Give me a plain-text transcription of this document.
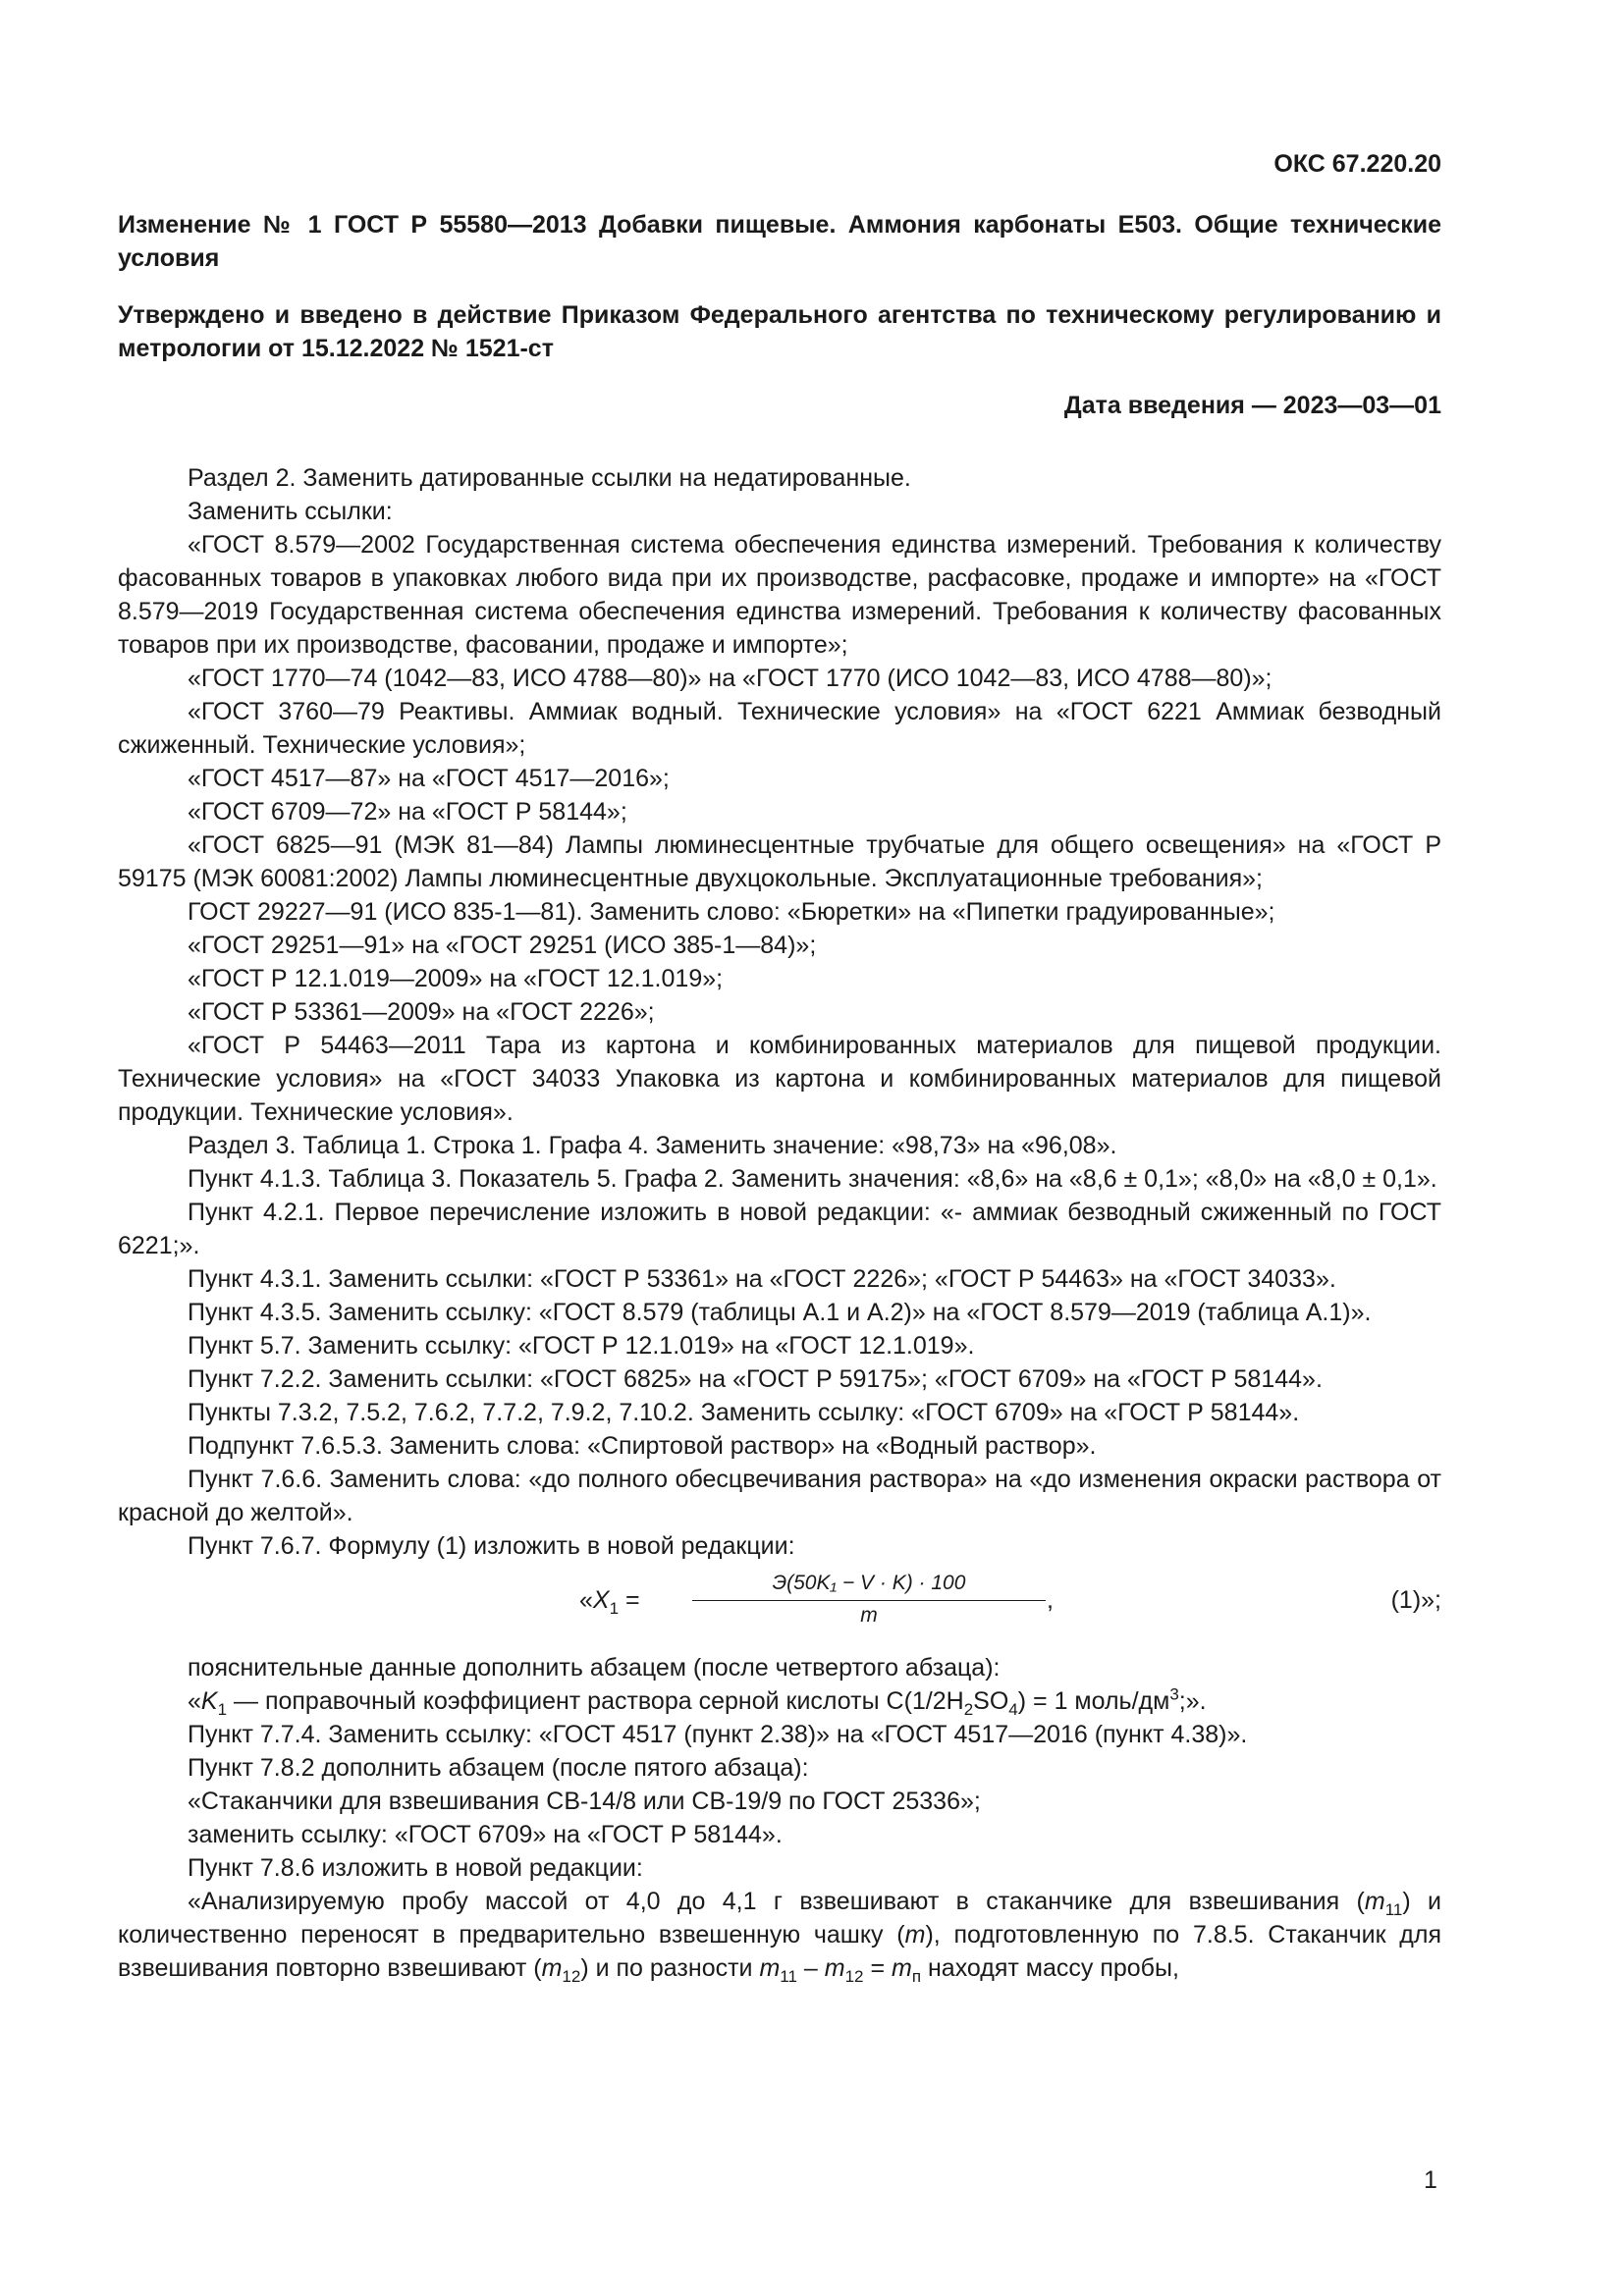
ОКС 67.220.20
Изменение № 1 ГОСТ Р 55580—2013 Добавки пищевые. Аммония карбонаты Е503. Общие технические условия
Утверждено и введено в действие Приказом Федерального агентства по техническому регулированию и метрологии от 15.12.2022 № 1521-ст
Дата введения — 2023—03—01

Раздел 2. Заменить датированные ссылки на недатированные.

Заменить ссылки:

«ГОСТ 8.579—2002 Государственная система обеспечения единства измерений. Требования к количеству фасованных товаров в упаковках любого вида при их производстве, расфасовке, продаже и импорте» на «ГОСТ 8.579—2019 Государственная система обеспечения единства измерений. Требования к количеству фасованных товаров при их производстве, фасовании, продаже и импорте»;

«ГОСТ 1770—74 (1042—83, ИСО 4788—80)» на «ГОСТ 1770 (ИСО 1042—83, ИСО 4788—80)»;

«ГОСТ 3760—79 Реактивы. Аммиак водный. Технические условия» на «ГОСТ 6221 Аммиак безводный сжиженный. Технические условия»;

«ГОСТ 4517—87» на «ГОСТ 4517—2016»;

«ГОСТ 6709—72» на «ГОСТ Р 58144»;

«ГОСТ 6825—91 (МЭК 81—84) Лампы люминесцентные трубчатые для общего освещения» на «ГОСТ Р 59175 (МЭК 60081:2002) Лампы люминесцентные двухцокольные. Эксплуатационные требования»;

ГОСТ 29227—91 (ИСО 835-1—81). Заменить слово: «Бюретки» на «Пипетки градуированные»;

«ГОСТ 29251—91» на «ГОСТ 29251 (ИСО 385-1—84)»;

«ГОСТ Р 12.1.019—2009» на «ГОСТ 12.1.019»;

«ГОСТ Р 53361—2009» на «ГОСТ 2226»;

«ГОСТ Р 54463—2011 Тара из картона и комбинированных материалов для пищевой продукции. Технические условия» на «ГОСТ 34033 Упаковка из картона и комбинированных материалов для пищевой продукции. Технические условия».

Раздел 3. Таблица 1. Строка 1. Графа 4. Заменить значение: «98,73» на «96,08».

Пункт 4.1.3. Таблица 3. Показатель 5. Графа 2. Заменить значения: «8,6» на «8,6 ± 0,1»; «8,0» на «8,0 ± 0,1».

Пункт 4.2.1. Первое перечисление изложить в новой редакции: «- аммиак безводный сжиженный по ГОСТ 6221;».

Пункт 4.3.1. Заменить ссылки: «ГОСТ Р 53361» на «ГОСТ 2226»; «ГОСТ Р 54463» на «ГОСТ 34033».

Пункт 4.3.5. Заменить ссылку: «ГОСТ 8.579 (таблицы А.1 и А.2)» на «ГОСТ 8.579—2019 (таблица А.1)».

Пункт 5.7. Заменить ссылку: «ГОСТ Р 12.1.019» на «ГОСТ 12.1.019».

Пункт 7.2.2. Заменить ссылки: «ГОСТ 6825» на «ГОСТ Р 59175»; «ГОСТ 6709» на «ГОСТ Р 58144».

Пункты 7.3.2, 7.5.2, 7.6.2, 7.7.2, 7.9.2, 7.10.2. Заменить ссылку: «ГОСТ 6709» на «ГОСТ Р 58144».

Подпункт 7.6.5.3. Заменить слова: «Спиртовой раствор» на «Водный раствор».

Пункт 7.6.6. Заменить слова: «до полного обесцвечивания раствора» на «до изменения окраски раствора от красной до желтой».

Пункт 7.6.7. Формулу (1) изложить в новой редакции:

«$X_1$ =
Э(50K₁ − V · K) · 100
m
,	(1)»;

пояснительные данные дополнить абзацем (после четвертого абзаца):

«$K_1$ — поправочный коэффициент раствора серной кислоты $С(1/2H_2SO_4) = 1$ моль/$дм^3$;».

Пункт 7.7.4. Заменить ссылку: «ГОСТ 4517 (пункт 2.38)» на «ГОСТ 4517—2016 (пункт 4.38)».

Пункт 7.8.2 дополнить абзацем (после пятого абзаца):

«Стаканчики для взвешивания СВ-14/8 или СВ-19/9 по ГОСТ 25336»;

заменить ссылку: «ГОСТ 6709» на «ГОСТ Р 58144».

Пункт 7.8.6 изложить в новой редакции:

«Анализируемую пробу массой от 4,0 до 4,1 г взвешивают в стаканчике для взвешивания $(m_{11})$ и количественно переносят в предварительно взвешенную чашку (m), подготовленную по 7.8.5. Стаканчик для взвешивания повторно взвешивают $(m_{12})$ и по разности $m_{11} - m_{12} = m_п$ находят массу пробы,

1
